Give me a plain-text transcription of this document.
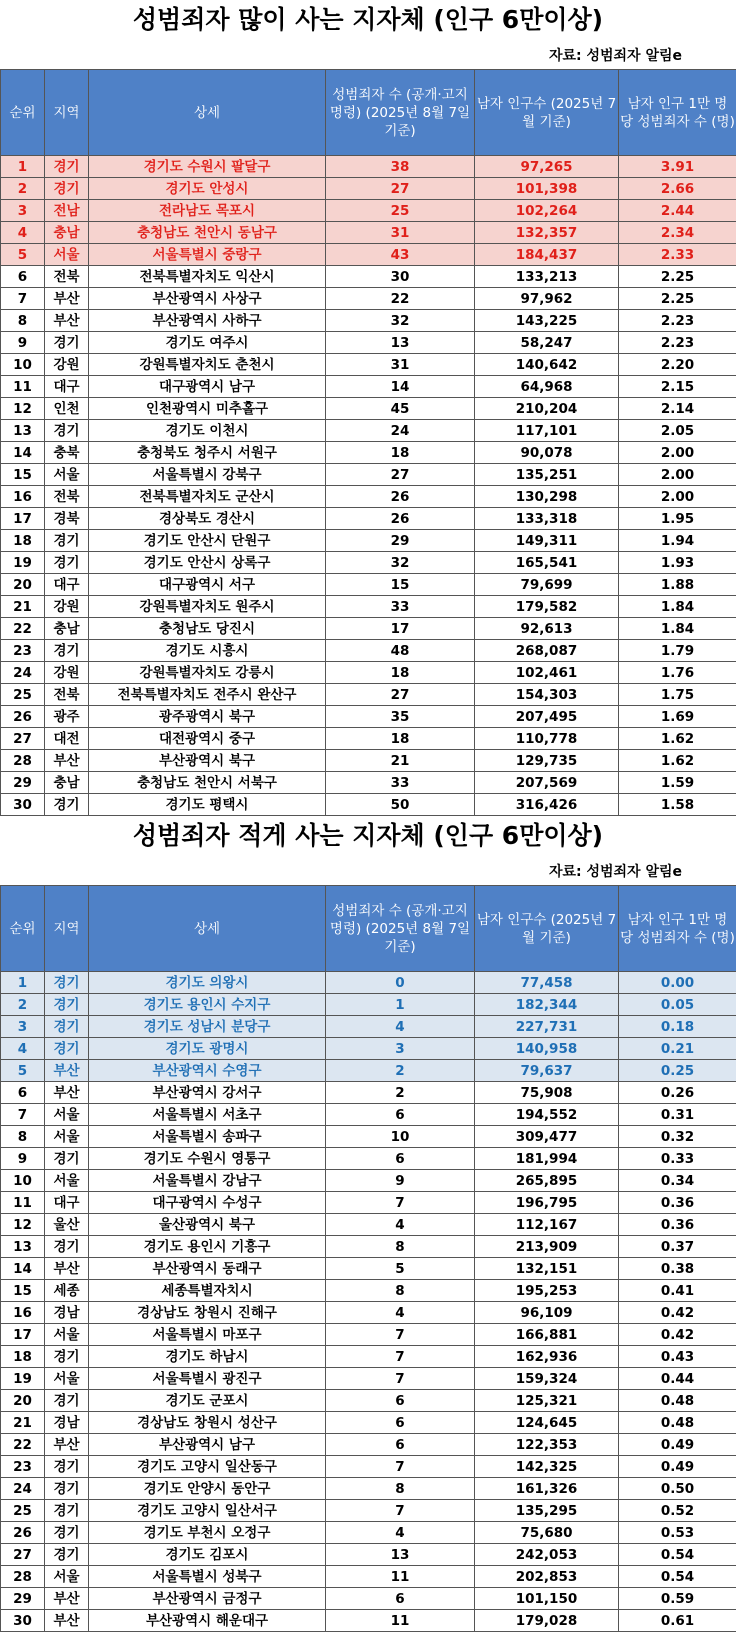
성범죄자 많이 사는 지자체 (인구 6만이상)
자료: 성범죄자 알림e
순위	지역	상세	성범죄자 수 (공개·고지 명령) (2025년 8월 7일 기준)	남자 인구수 (2025년 7월 기준)	남자 인구 1만 명 당 성범죄자 수 (명)
1	경기	경기도 수원시 팔달구	38	97,265	3.91
2	경기	경기도 안성시	27	101,398	2.66
3	전남	전라남도 목포시	25	102,264	2.44
4	충남	충청남도 천안시 동남구	31	132,357	2.34
5	서울	서울특별시 중랑구	43	184,437	2.33
6	전북	전북특별자치도 익산시	30	133,213	2.25
7	부산	부산광역시 사상구	22	97,962	2.25
8	부산	부산광역시 사하구	32	143,225	2.23
9	경기	경기도 여주시	13	58,247	2.23
10	강원	강원특별자치도 춘천시	31	140,642	2.20
11	대구	대구광역시 남구	14	64,968	2.15
12	인천	인천광역시 미추홀구	45	210,204	2.14
13	경기	경기도 이천시	24	117,101	2.05
14	충북	충청북도 청주시 서원구	18	90,078	2.00
15	서울	서울특별시 강북구	27	135,251	2.00
16	전북	전북특별자치도 군산시	26	130,298	2.00
17	경북	경상북도 경산시	26	133,318	1.95
18	경기	경기도 안산시 단원구	29	149,311	1.94
19	경기	경기도 안산시 상록구	32	165,541	1.93
20	대구	대구광역시 서구	15	79,699	1.88
21	강원	강원특별자치도 원주시	33	179,582	1.84
22	충남	충청남도 당진시	17	92,613	1.84
23	경기	경기도 시흥시	48	268,087	1.79
24	강원	강원특별자치도 강릉시	18	102,461	1.76
25	전북	전북특별자치도 전주시 완산구	27	154,303	1.75
26	광주	광주광역시 북구	35	207,495	1.69
27	대전	대전광역시 중구	18	110,778	1.62
28	부산	부산광역시 북구	21	129,735	1.62
29	충남	충청남도 천안시 서북구	33	207,569	1.59
30	경기	경기도 평택시	50	316,426	1.58
성범죄자 적게 사는 지자체 (인구 6만이상)
자료: 성범죄자 알림e
순위	지역	상세	성범죄자 수 (공개·고지 명령) (2025년 8월 7일 기준)	남자 인구수 (2025년 7월 기준)	남자 인구 1만 명 당 성범죄자 수 (명)
1	경기	경기도 의왕시	0	77,458	0.00
2	경기	경기도 용인시 수지구	1	182,344	0.05
3	경기	경기도 성남시 분당구	4	227,731	0.18
4	경기	경기도 광명시	3	140,958	0.21
5	부산	부산광역시 수영구	2	79,637	0.25
6	부산	부산광역시 강서구	2	75,908	0.26
7	서울	서울특별시 서초구	6	194,552	0.31
8	서울	서울특별시 송파구	10	309,477	0.32
9	경기	경기도 수원시 영통구	6	181,994	0.33
10	서울	서울특별시 강남구	9	265,895	0.34
11	대구	대구광역시 수성구	7	196,795	0.36
12	울산	울산광역시 북구	4	112,167	0.36
13	경기	경기도 용인시 기흥구	8	213,909	0.37
14	부산	부산광역시 동래구	5	132,151	0.38
15	세종	세종특별자치시	8	195,253	0.41
16	경남	경상남도 창원시 진해구	4	96,109	0.42
17	서울	서울특별시 마포구	7	166,881	0.42
18	경기	경기도 하남시	7	162,936	0.43
19	서울	서울특별시 광진구	7	159,324	0.44
20	경기	경기도 군포시	6	125,321	0.48
21	경남	경상남도 창원시 성산구	6	124,645	0.48
22	부산	부산광역시 남구	6	122,353	0.49
23	경기	경기도 고양시 일산동구	7	142,325	0.49
24	경기	경기도 안양시 동안구	8	161,326	0.50
25	경기	경기도 고양시 일산서구	7	135,295	0.52
26	경기	경기도 부천시 오정구	4	75,680	0.53
27	경기	경기도 김포시	13	242,053	0.54
28	서울	서울특별시 성북구	11	202,853	0.54
29	부산	부산광역시 금정구	6	101,150	0.59
30	부산	부산광역시 해운대구	11	179,028	0.61
